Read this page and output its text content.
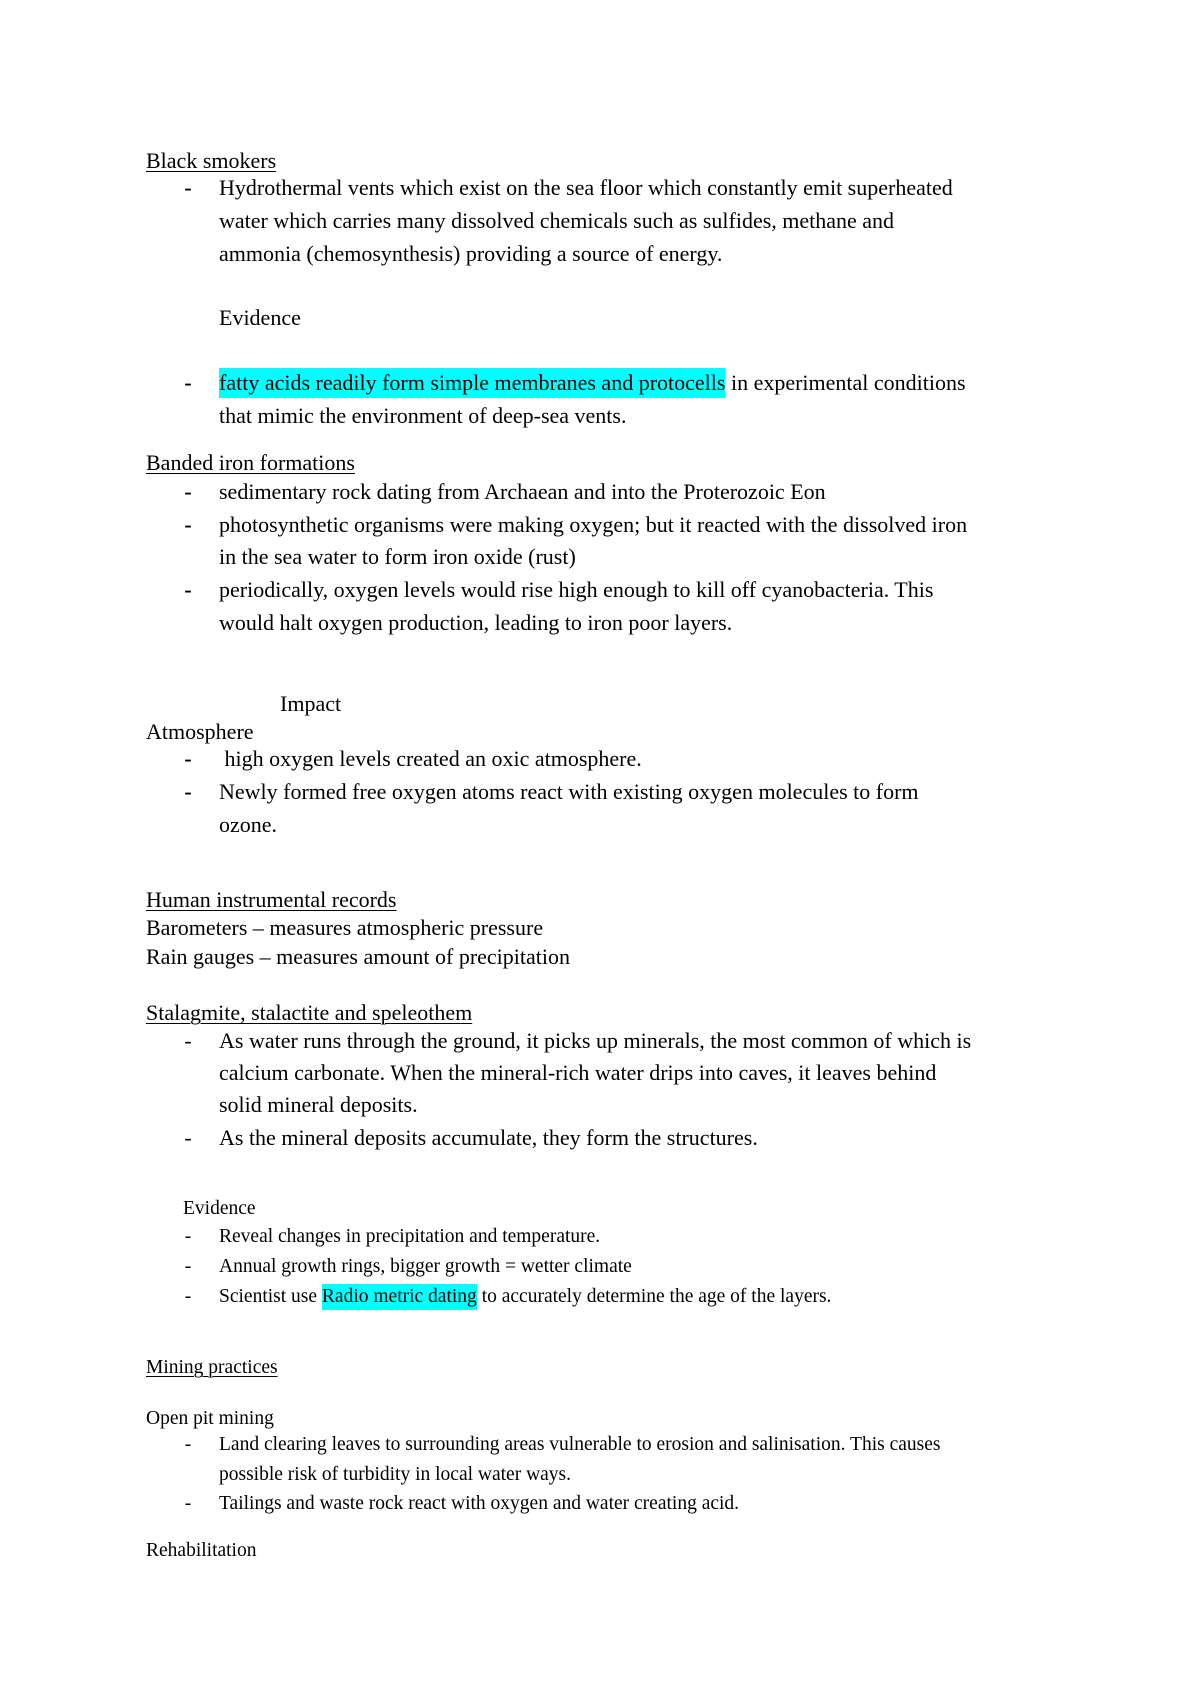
Black smokers
- Hydrothermal vents which exist on the sea floor which constantly emit superheated
water which carries many dissolved chemicals such as sulfides, methane and
ammonia (chemosynthesis) providing a source of energy.
Evidence
- fatty acids readily form simple membranes and protocells in experimental conditions
that mimic the environment of deep-sea vents.
Banded iron formations
- sedimentary rock dating from Archaean and into the Proterozoic Eon
- photosynthetic organisms were making oxygen; but it reacted with the dissolved iron
in the sea water to form iron oxide (rust)
- periodically, oxygen levels would rise high enough to kill off cyanobacteria. This
would halt oxygen production, leading to iron poor layers.
Impact
Atmosphere
- high oxygen levels created an oxic atmosphere.
- Newly formed free oxygen atoms react with existing oxygen molecules to form
ozone.
Human instrumental records
Barometers – measures atmospheric pressure
Rain gauges – measures amount of precipitation
Stalagmite, stalactite and speleothem
- As water runs through the ground, it picks up minerals, the most common of which is
calcium carbonate. When the mineral-rich water drips into caves, it leaves behind
solid mineral deposits.
- As the mineral deposits accumulate, they form the structures.
Evidence
- Reveal changes in precipitation and temperature.
- Annual growth rings, bigger growth = wetter climate
- Scientist use Radio metric dating to accurately determine the age of the layers.
Mining practices
Open pit mining
- Land clearing leaves to surrounding areas vulnerable to erosion and salinisation. This causes
possible risk of turbidity in local water ways.
- Tailings and waste rock react with oxygen and water creating acid.
Rehabilitation
